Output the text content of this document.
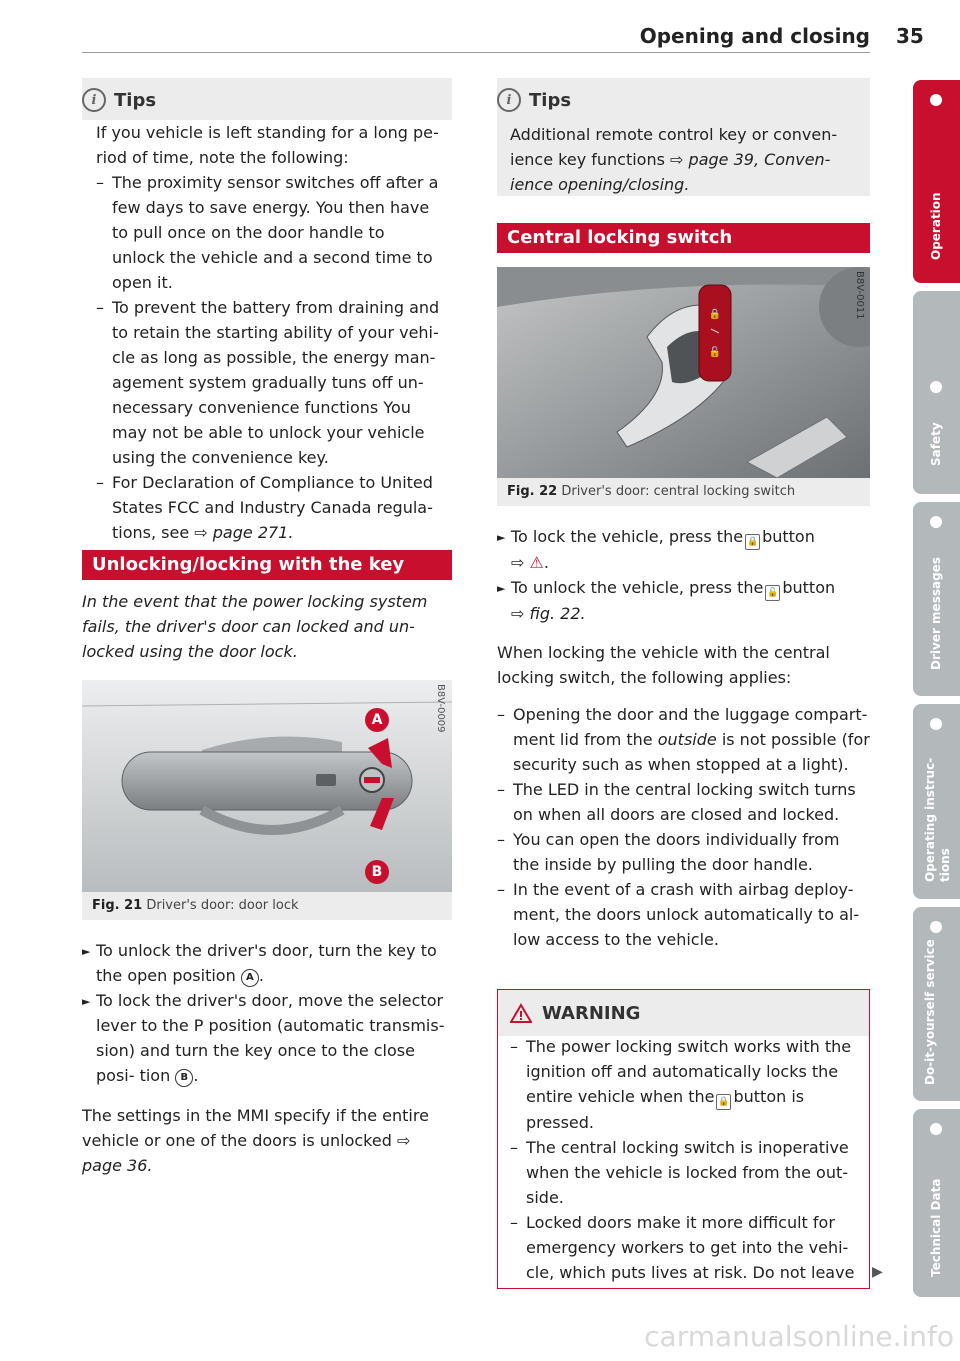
Opening and closing 35
i Tips
If you vehicle is left standing for a long pe- riod of time, note the following:
– The proximity sensor switches off after a few days to save energy. You then have to pull once on the door handle to unlock the vehicle and a second time to open it.
– To prevent the battery from draining and to retain the starting ability of your vehi- cle as long as possible, the energy man- agement system gradually tuns off un- necessary convenience functions You may not be able to unlock your vehicle using the convenience key.
– For Declaration of Compliance to United States FCC and Industry Canada regula- tions, see ⇨ page 271.
Unlocking/locking with the key
In the event that the power locking system fails, the driver's door can locked and un- locked using the door lock.
B8V-0009
A
B
Fig. 21 Driver's door: door lock
► To unlock the driver's door, turn the key to the open position A .
► To lock the driver's door, move the selector lever to the P position (automatic transmis- sion) and turn the key once to the close posi- tion B .
The settings in the MMI specify if the entire vehicle or one of the doors is unlocked ⇨ page 36.
i Tips
Additional remote control key or conven- ience key functions ⇨ page 39, Conven- ience opening/closing.
Central locking switch
🔒
🔓
B8V-0011
Fig. 22 Driver's door: central locking switch
► To lock the vehicle, press the 🔒 button
⇨ ⚠.
► To unlock the vehicle, press the 🔓 button
⇨ fig. 22.
When locking the vehicle with the central locking switch, the following applies:
– Opening the door and the luggage compart- ment lid from the outside is not possible (for security such as when stopped at a light).
– The LED in the central locking switch turns on when all doors are closed and locked.
– You can open the doors individually from the inside by pulling the door handle.
– In the event of a crash with airbag deploy- ment, the doors unlock automatically to al- low access to the vehicle.
WARNING
– The power locking switch works with the ignition off and automatically locks the entire vehicle when the 🔒 button is pressed.
– The central locking switch is inoperative when the vehicle is locked from the out- side.
– Locked doors make it more difficult for emergency workers to get into the vehi- cle, which puts lives at risk. Do not leave	▶
Operation
Safety
Driver messages
Operating instruc- tions
Do-it-yourself service
Technical Data
carmanualsonline.info
